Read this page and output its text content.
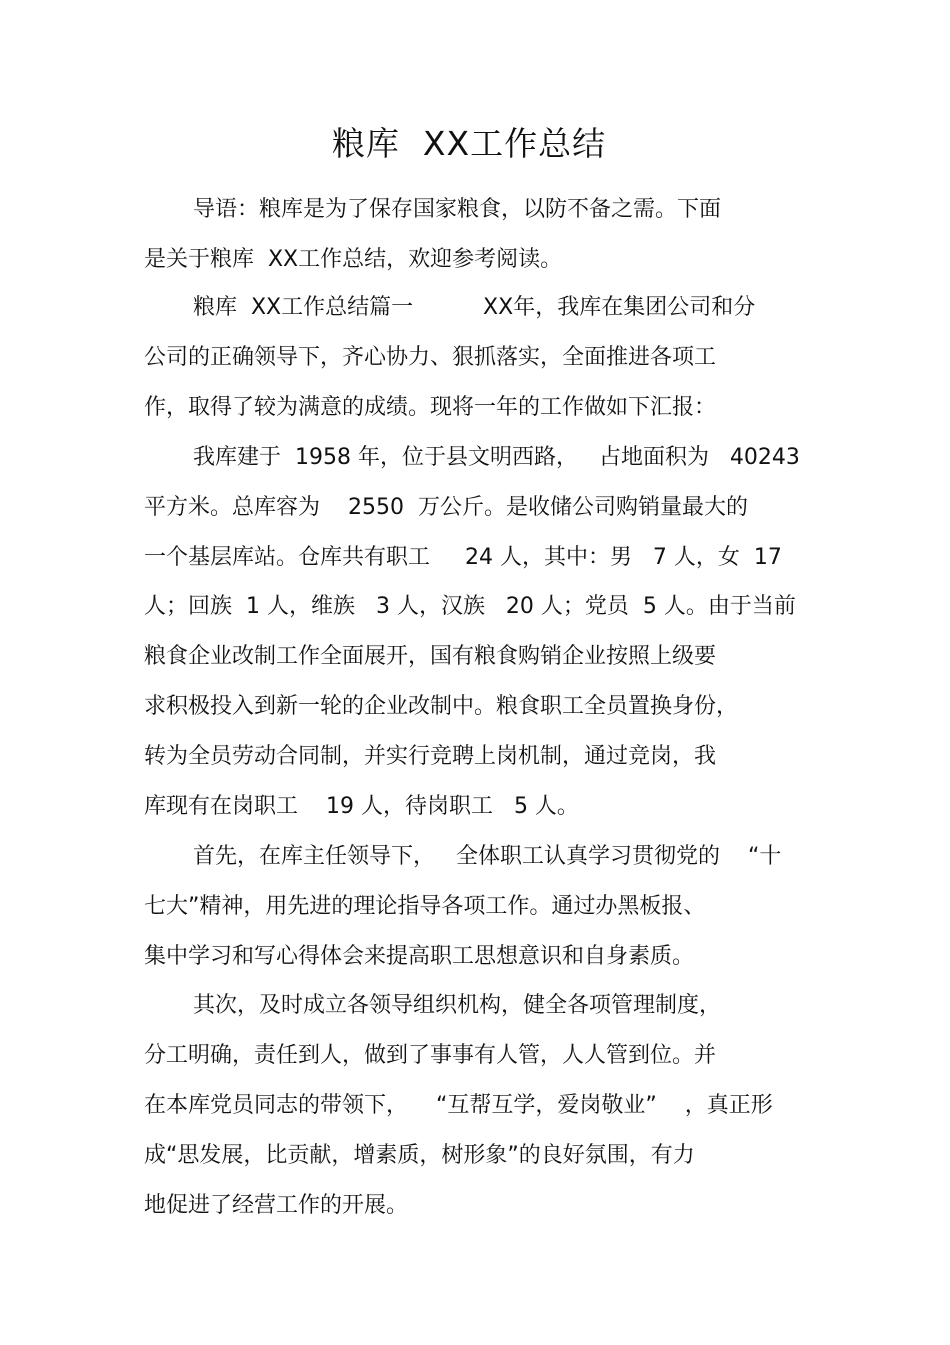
粮库  XX工作总结
导语：粮库是为了保存国家粮食，以防不备之需。下面
是关于粮库  XX工作总结，欢迎参考阅读。
粮库  XX工作总结篇一          XX年，我库在集团公司和分
公司的正确领导下，齐心协力、狠抓落实，全面推进各项工
作，取得了较为满意的成绩。现将一年的工作做如下汇报：
我库建于  1958 年，位于县文明西路，   占地面积为   40243
平方米。总库容为    2550  万公斤。是收储公司购销量最大的
一个基层库站。仓库共有职工     24 人，其中：男   7 人，女  17
人；回族  1 人，维族   3 人，汉族   20 人；党员  5 人。由于当前
粮食企业改制工作全面展开，国有粮食购销企业按照上级要
求积极投入到新一轮的企业改制中。粮食职工全员置换身份，
转为全员劳动合同制，并实行竞聘上岗机制，通过竞岗，我
库现有在岗职工    19 人，待岗职工   5 人。
首先，在库主任领导下，   全体职工认真学习贯彻党的    “十
七大”精神，用先进的理论指导各项工作。通过办黑板报、
集中学习和写心得体会来提高职工思想意识和自身素质。
其次，及时成立各领导组织机构，健全各项管理制度，
分工明确，责任到人，做到了事事有人管，人人管到位。并
在本库党员同志的带领下，    “互帮互学，爱岗敬业”    ，真正形
成“思发展，比贡献，增素质，树形象”的良好氛围，有力
地促进了经营工作的开展。
